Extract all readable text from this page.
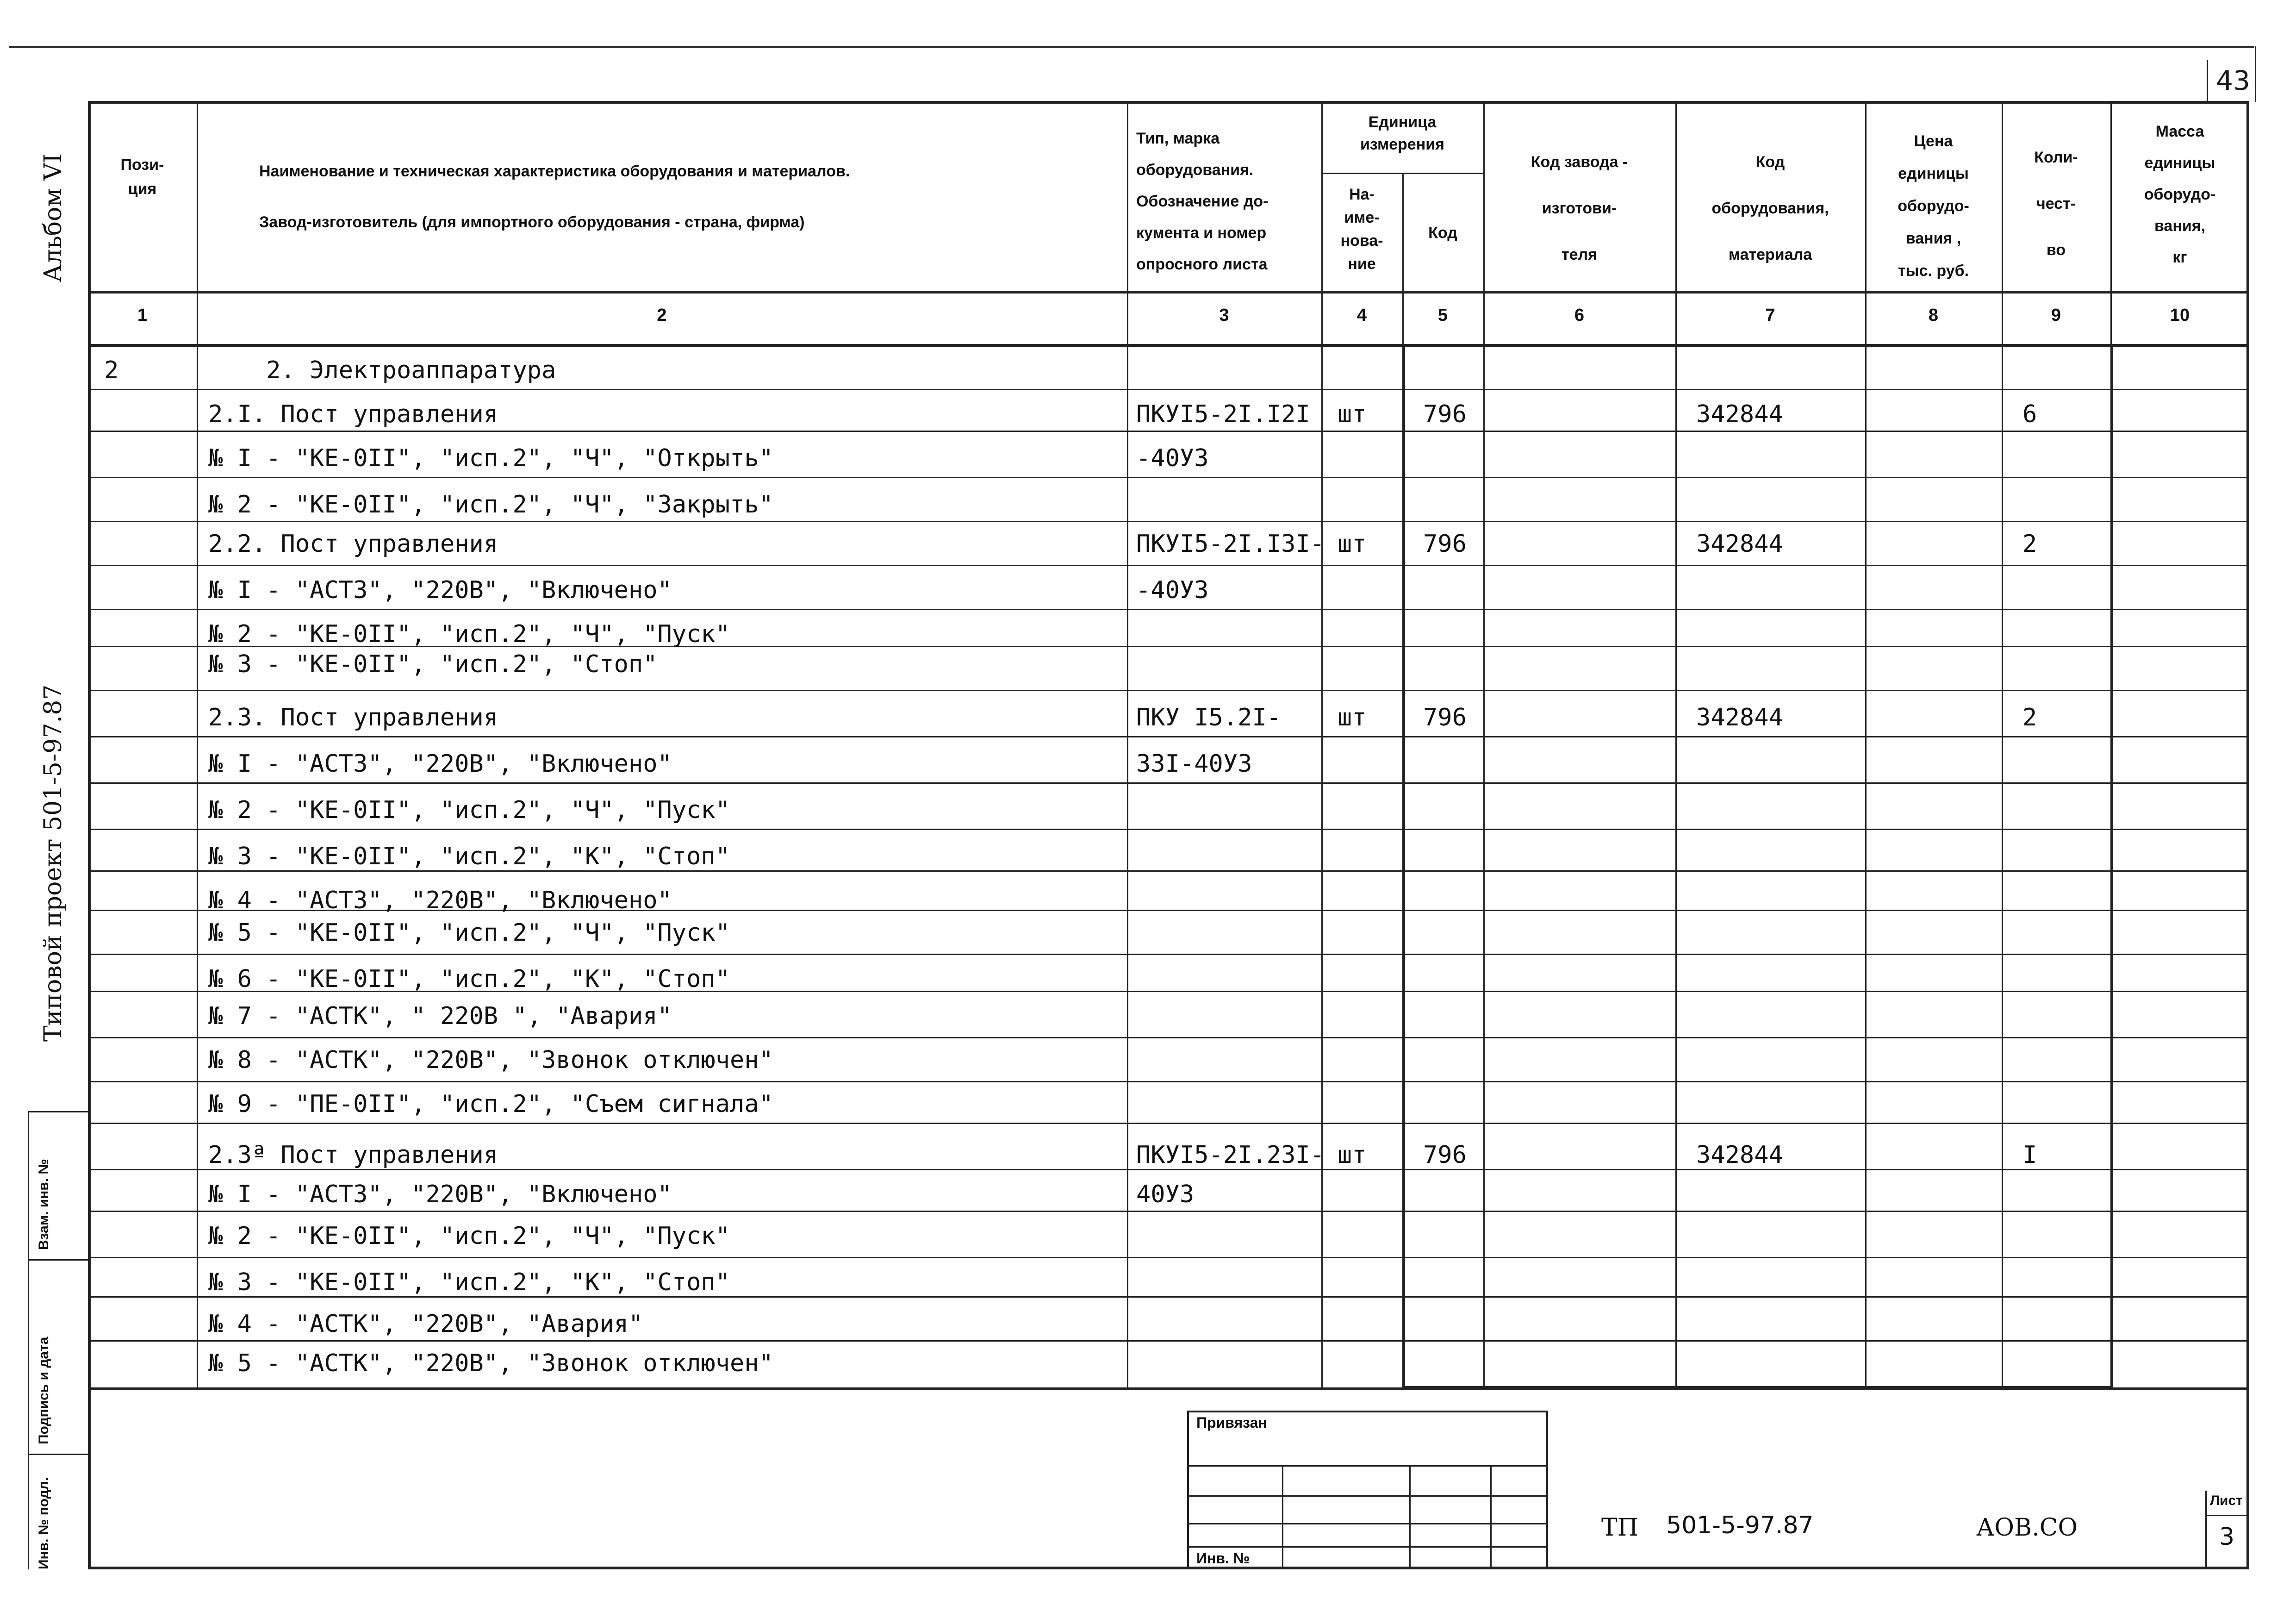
43
Альбом VI
Типовой проект 501-5-97.87
Взам. инв. №
Подпись и дата
Инв. № подл.
Пози-
ция
Наименование и техническая характеристика оборудования и материалов.
Завод-изготовитель (для импортного оборудования - страна, фирма)
Тип, марка
оборудования.
Обозначение до-
кумента и номер
опросного листа
Единица
измерения
На-
име-
нова-
ние
Код
Код завода -
изготови-
теля
Код
оборудования,
материала
Цена
единицы
оборудо-
вания ,
тыс. руб.
Коли-
чест-
во
Масса
единицы
оборудо-
вания,
кг
1	2	3	4	5	6	7	8	9	10
2	2. Электроаппаратура
2.I. Пост управления	ПКУI5-2I.I2I шт 796	342844	6
№ I - "КЕ-0II", "исп.2", "Ч", "Открыть"	-40У3
№ 2 - "КЕ-0II", "исп.2", "Ч", "Закрыть"
2.2. Пост управления	ПКУI5-2I.I3I- шт 796	342844	2
№ I - "АСТЗ", "220В", "Включено"	-40У3
№ 2 - "КЕ-0II", "исп.2", "Ч", "Пуск"
№ 3 - "КЕ-0II", "исп.2", "Стоп"
2.3. Пост управления	ПКУ I5.2I- шт 796	342844	2
№ I - "АСТЗ", "220В", "Включено"	33I-40У3
№ 2 - "КЕ-0II", "исп.2", "Ч", "Пуск"
№ 3 - "КЕ-0II", "исп.2", "К", "Стоп"
№ 4 - "АСТЗ", "220В", "Включено"
№ 5 - "КЕ-0II", "исп.2", "Ч", "Пуск"
№ 6 - "КЕ-0II", "исп.2", "К", "Стоп"
№ 7 - "АСТК", " 220В ", "Авария"
№ 8 - "АСТК", "220В", "Звонок отключен"
№ 9 - "ПЕ-0II", "исп.2", "Съем сигнала"
2.3ª Пост управления	ПКУI5-2I.23I- шт 796	342844	I
№ I - "АСТЗ", "220В", "Включено"	40У3
№ 2 - "КЕ-0II", "исп.2", "Ч", "Пуск"
№ 3 - "КЕ-0II", "исп.2", "К", "Стоп"
№ 4 - "АСТК", "220В", "Авария"
№ 5 - "АСТК", "220В", "Звонок отключен"
Привязан
Инв. №
ТП 501-5-97.87	АОВ.СО
Лист
3
